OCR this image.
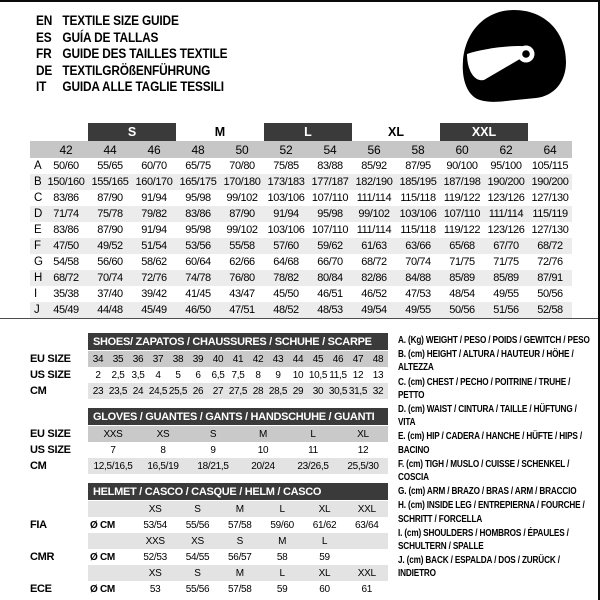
EN TEXTILE SIZE GUIDE
ES GUÍA DE TALLAS
FR GUIDE DES TAILLES TEXTILE
DE TEXTILGRÖßENFÜHRUNG
IT	GUIDA ALLE TAGLIE TESSILI
		S		M		L		XL		XXL		
	42	44	46	48	50	52	54	56	58	60	62	64
A	50/60	55/65	60/70	65/75	70/80	75/85	83/88	85/92	87/95	90/100	95/100	105/115
B	150/160	155/165	160/170	165/175	170/180	173/183	177/187	182/190	185/195	187/198	190/200	190/200
C	83/86	87/90	91/94	95/98	99/102	103/106	107/110	111/114	115/118	119/122	123/126	127/130
D	71/74	75/78	79/82	83/86	87/90	91/94	95/98	99/102	103/106	107/110	111/114	115/119
E	83/86	87/90	91/94	95/98	99/102	103/106	107/110	111/114	115/118	119/122	123/126	127/130
F	47/50	49/52	51/54	53/56	55/58	57/60	59/62	61/63	63/66	65/68	67/70	68/72
G	54/58	56/60	58/62	60/64	62/66	64/68	66/70	68/72	70/74	71/75	71/75	72/76
H	68/72	70/74	72/76	74/78	76/80	78/82	80/84	82/86	84/88	85/89	85/89	87/91
I	35/38	37/40	39/42	41/45	43/47	45/50	46/51	46/52	47/53	48/54	49/55	50/56
J	45/49	44/48	45/49	46/50	47/51	48/52	48/53	49/54	49/55	50/56	51/56	52/58
SHOES/ ZAPATOS / CHAUSSURES / SCHUHE / SCARPE
EU SIZE	34 35 36 37 38 39 40 41 42 43 44 45 46 47 48
US SIZE	2	2,5 3,5	4	5	6	6,5 7,5	8	9	10 10,5 11,5 12 13
CM	23 23,5 24 24,5 25,5 26 27 27,5 28 28,5 29 30 30,5 31,5 32
GLOVES / GUANTES / GANTS / HANDSCHUHE / GUANTI
EU SIZE	XXS	XS	S	M	L	XL
US SIZE	7	8	9	10	11	12
CM	12,5/16,5	16,5/19	18/21,5	20/24	23/26,5	25,5/30
HELMET / CASCO / CASQUE / HELM / CASCO
XS	S	M	L	XL	XXL
FIA	Ø CM	53/54	55/56	57/58	59/60	61/62	63/64
XXS	XS	S	M	L
CMR	Ø CM	52/53	54/55	56/57	58	59
XS	S	M	L	XL	XXL
ECE	Ø CM	53	55/56	57/58	59	60	61
A. (Kg) WEIGHT / PESO / POIDS / GEWITCH / PESO
B. (cm) HEIGHT / ALTURA / HAUTEUR / HÖHE / ALTEZZA
C. (cm) CHEST / PECHO / POITRINE / TRUHE / PETTO
D. (cm) WAIST / CINTURA / TAILLE / HÜFTUNG / VITA
E. (cm) HIP / CADERA / HANCHE / HÜFTE / HIPS / BACINO
F. (cm) TIGH / MUSLO / CUISSE / SCHENKEL / COSCIA
G. (cm) ARM / BRAZO / BRAS / ARM / BRACCIO
H. (cm) INSIDE LEG / ENTREPIERNA / FOURCHE / SCHRITT / FORCELLA
I. (cm) SHOULDERS / HOMBROS / ÉPAULES / SCHULTERN / SPALLE
J. (cm) BACK / ESPALDA / DOS / ZURÜCK / INDIETRO
